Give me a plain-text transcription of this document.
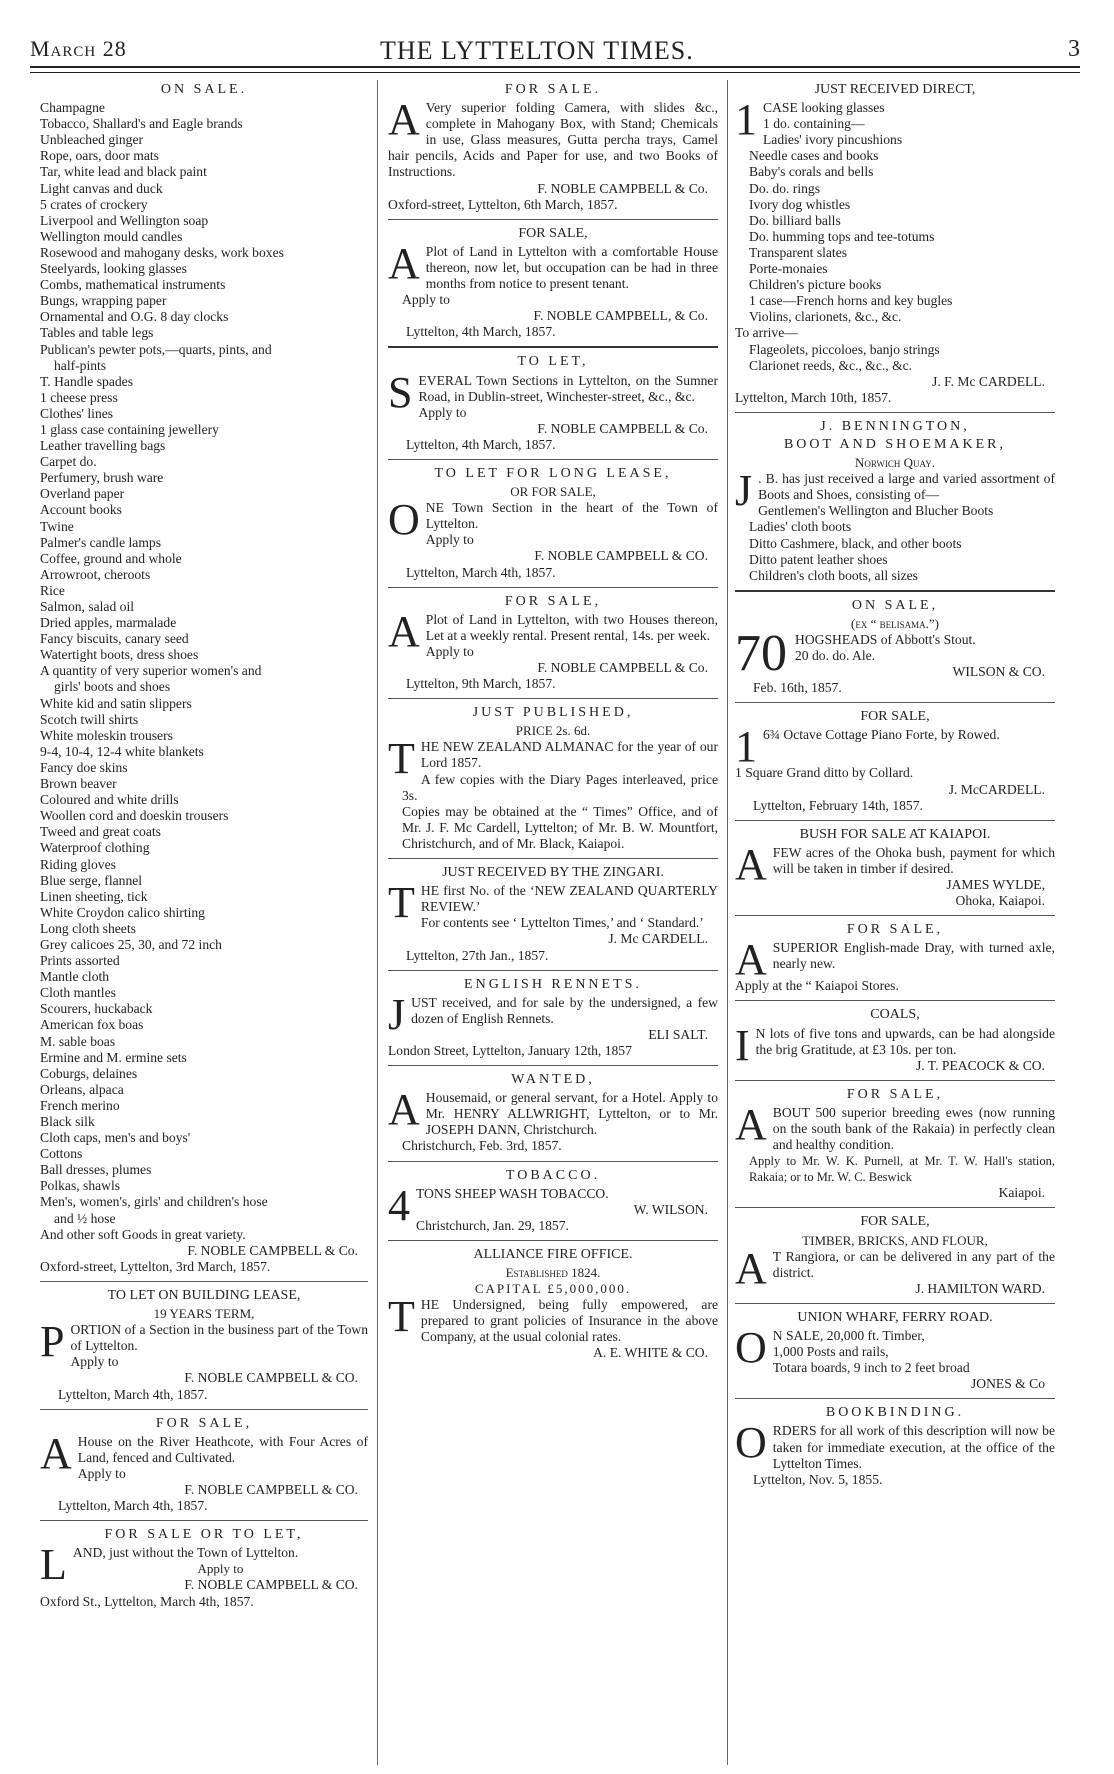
March 28	THE LYTTELTON TIMES.	3
ON SALE.
Champagne
Tobacco, Shallard's and Eagle brands
Unbleached ginger
Rope, oars, door mats
Tar, white lead and black paint
Light canvas and duck
5 crates of crockery
Liverpool and Wellington soap
Wellington mould candles
Rosewood and mahogany desks, work boxes
Steelyards, looking glasses
Combs, mathematical instruments
Bungs, wrapping paper
Ornamental and O.G. 8 day clocks
Tables and table legs
Publican's pewter pots,—quarts, pints, and
half-pints
T. Handle spades
1 cheese press
Clothes' lines
1 glass case containing jewellery
Leather travelling bags
Carpet do.
Perfumery, brush ware
Overland paper
Account books
Twine
Palmer's candle lamps
Coffee, ground and whole
Arrowroot, cheroots
Rice
Salmon, salad oil
Dried apples, marmalade
Fancy biscuits, canary seed
Watertight boots, dress shoes
A quantity of very superior women's and
girls' boots and shoes
White kid and satin slippers
Scotch twill shirts
White moleskin trousers
9-4, 10-4, 12-4 white blankets
Fancy doe skins
Brown beaver
Coloured and white drills
Woollen cord and doeskin trousers
Tweed and great coats
Waterproof clothing
Riding gloves
Blue serge, flannel
Linen sheeting, tick
White Croydon calico shirting
Long cloth sheets
Grey calicoes 25, 30, and 72 inch
Prints assorted
Mantle cloth
Cloth mantles
Scourers, huckaback
American fox boas
M. sable boas
Ermine and M. ermine sets
Coburgs, delaines
Orleans, alpaca
French merino
Black silk
Cloth caps, men's and boys'
Cottons
Ball dresses, plumes
Polkas, shawls
Men's, women's, girls' and children's hose
and ½ hose
And other soft Goods in great variety.
F. NOBLE CAMPBELL & Co.
Oxford-street, Lyttelton, 3rd March, 1857.
TO LET ON BUILDING LEASE,
19 YEARS TERM,

PORTION of a Section in the business part of the Town of Lyttelton.

Apply to
F. NOBLE CAMPBELL & CO.
Lyttelton, March 4th, 1857.
FOR SALE,

A House on the River Heathcote, with Four Acres of Land, fenced and Cultivated.

Apply to
F. NOBLE CAMPBELL & CO.
Lyttelton, March 4th, 1857.
FOR SALE OR TO LET,

LAND, just without the Town of Lyttelton.

Apply to
F. NOBLE CAMPBELL & CO.
Oxford St., Lyttelton, March 4th, 1857.
FOR SALE.

A Very superior folding Camera, with slides &c., complete in Mahogany Box, with Stand; Chemicals in use, Glass measures, Gutta percha trays, Camel hair pencils, Acids and Paper for use, and two Books of Instructions.

F. NOBLE CAMPBELL & Co.
Oxford-street, Lyttelton, 6th March, 1857.
FOR SALE,

A Plot of Land in Lyttelton with a comfortable House thereon, now let, but occupation can be had in three months from notice to present tenant.

Apply to
F. NOBLE CAMPBELL, & Co.
Lyttelton, 4th March, 1857.
TO LET,

SEVERAL Town Sections in Lyttelton, on the Sumner Road, in Dublin-street, Winchester-street, &c., &c.

Apply to
F. NOBLE CAMPBELL & Co.
Lyttelton, 4th March, 1857.
TO LET FOR LONG LEASE,
OR FOR SALE,

ONE Town Section in the heart of the Town of Lyttelton.

Apply to
F. NOBLE CAMPBELL & CO.
Lyttelton, March 4th, 1857.
FOR SALE,

A Plot of Land in Lyttelton, with two Houses thereon, Let at a weekly rental. Present rental, 14s. per week.

Apply to
F. NOBLE CAMPBELL & Co.
Lyttelton, 9th March, 1857.
JUST PUBLISHED,
PRICE 2s. 6d.

THE NEW ZEALAND ALMANAC for the year of our Lord 1857.

A few copies with the Diary Pages interleaved, price 3s.

Copies may be obtained at the “ Times” Office, and of Mr. J. F. Mc Cardell, Lyttelton; of Mr. B. W. Mountfort, Christchurch, and of Mr. Black, Kaiapoi.

JUST RECEIVED BY THE ZINGARI.

THE first No. of the ‘NEW ZEALAND QUARTERLY REVIEW.’

For contents see ‘ Lyttelton Times,’ and ‘ Standard.’

J. Mc CARDELL.
Lyttelton, 27th Jan., 1857.
ENGLISH RENNETS.

JUST received, and for sale by the undersigned, a few dozen of English Rennets.

ELI SALT.
London Street, Lyttelton, January 12th, 1857
WANTED,

A Housemaid, or general servant, for a Hotel. Apply to Mr. HENRY ALLWRIGHT, Lyttelton, or to Mr. JOSEPH DANN, Christchurch.

Christchurch, Feb. 3rd, 1857.
TOBACCO.

4 TONS SHEEP WASH TOBACCO.

W. WILSON.
Christchurch, Jan. 29, 1857.
ALLIANCE FIRE OFFICE.
Established 1824.
CAPITAL £5,000,000.

THE Undersigned, being fully empowered, are prepared to grant policies of Insurance in the above Company, at the usual colonial rates.

A. E. WHITE & CO.
JUST RECEIVED DIRECT,
1 CASE looking glasses
1 do. containing—
Ladies' ivory pincushions
Needle cases and books
Baby's corals and bells
Do. do. rings
Ivory dog whistles
Do. billiard balls
Do. humming tops and tee-totums
Transparent slates
Porte-monaies
Children's picture books
1 case—French horns and key bugles
Violins, clarionets, &c., &c.
To arrive—
Flageolets, piccoloes, banjo strings
Clarionet reeds, &c., &c., &c.
J. F. Mc CARDELL.
Lyttelton, March 10th, 1857.
J. BENNINGTON,
BOOT AND SHOEMAKER,
Norwich Quay.

J . B. has just received a large and varied assortment of Boots and Shoes, consisting of—

Gentlemen's Wellington and Blucher Boots
Ladies' cloth boots
Ditto Cashmere, black, and other boots
Ditto patent leather shoes
Children's cloth boots, all sizes
ON SALE,
(ex “ belisama.”)
70 HOGSHEADS of Abbott's Stout.
20 do. do. Ale.
WILSON & CO.
Feb. 16th, 1857.
FOR SALE,

1 6¾ Octave Cottage Piano Forte, by Rowed.

1 Square Grand ditto by Collard.
J. McCARDELL.
Lyttelton, February 14th, 1857.
BUSH FOR SALE AT KAIAPOI.

AFEW acres of the Ohoka bush, payment for which will be taken in timber if desired.

JAMES WYLDE,
Ohoka, Kaiapoi.
FOR SALE,

ASUPERIOR English-made Dray, with turned axle, nearly new.

Apply at the “ Kaiapoi Stores.
COALS,

I N lots of five tons and upwards, can be had alongside the brig Gratitude, at £3 10s. per ton.

J. T. PEACOCK & CO.
FOR SALE,

ABOUT 500 superior breeding ewes (now running on the south bank of the Rakaia) in perfectly clean and healthy condition.

Apply to Mr. W. K. Purnell, at Mr. T. W. Hall's station, Rakaia; or to Mr. W. C. Beswick

Kaiapoi.
FOR SALE,
TIMBER, BRICKS, AND FLOUR,

A T Rangiora, or can be delivered in any part of the district.

J. HAMILTON WARD.
UNION WHARF, FERRY ROAD.
O N SALE, 20,000 ft. Timber,
1,000 Posts and rails,
Totara boards, 9 inch to 2 feet broad
JONES & Co
BOOKBINDING.

ORDERS for all work of this description will now be taken for immediate execution, at the office of the Lyttelton Times.

Lyttelton, Nov. 5, 1855.
